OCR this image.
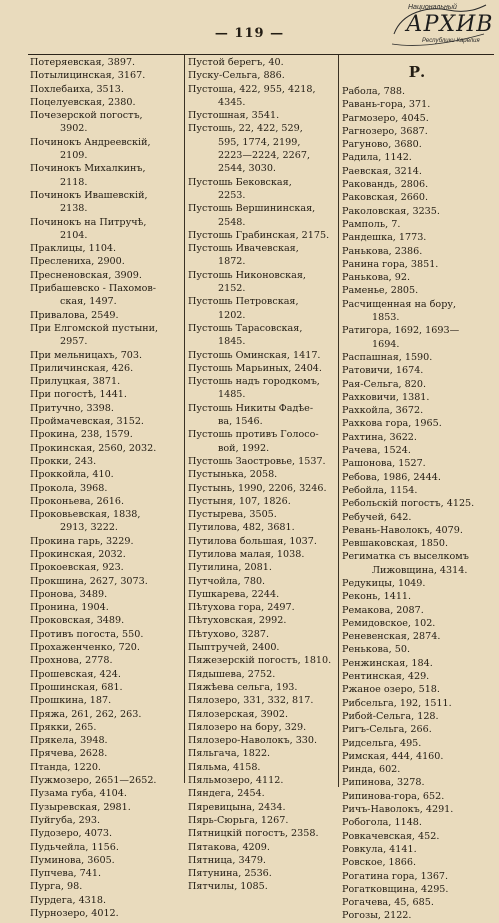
— 119 —
Национальный
АРХИВ
Республики Карелия
Потеряевская, 3897.
Потылицинская, 3167.
Похлебаиха, 3513.
Поцелуевская, 2380.
Почезерской погостъ,
3902.
Починокъ Андреевскій,
2109.
Починокъ Михалкинъ,
2118.
Починокъ Ивашевскій,
2138.
Починокъ на Питручѣ,
2104.
Праклицы, 1104.
Преслениха, 2900.
Пресненовская, 3909.
Прибашевско - Пахомов-
ская, 1497.
Привалова, 2549.
При Елгомской пустыни,
2957.
При мельницахъ, 703.
Приличинская, 426.
Прилуцкая, 3871.
При погостѣ, 1441.
Притучно, 3398.
Проймачевская, 3152.
Прокина, 238, 1579.
Прокинская, 2560, 2032.
Прокки, 243.
Проккойла, 410.
Прокола, 3968.
Проконьева, 2616.
Проковьевская, 1838,
2913, 3222.
Прокина гарь, 3229.
Прокинская, 2032.
Прокоевская, 923.
Прокшина, 2627, 3073.
Пронова, 3489.
Пронина, 1904.
Проковская, 3489.
Противъ погоста, 550.
Прохаженченко, 720.
Прохнова, 2778.
Прошевская, 424.
Прошинская, 681.
Прошкина, 187.
Пряжа, 261, 262, 263.
Прякки, 265.
Прякела, 3948.
Прячева, 2628.
Птанда, 1220.
Пужмозеро, 2651—2652.
Пузама губа, 4104.
Пузыревская, 2981.
Пуйгуба, 293.
Пудозеро, 4073.
Пудьчейла, 1156.
Пуминова, 3605.
Пупчева, 741.
Пурга, 98.
Пурдега, 4318.
Пурнозеро, 4012.
Пустой берегъ, 40.
Пуску-Сельга, 886.
Пустоша, 422, 955, 4218,
4345.
Пустошная, 3541.
Пустошь, 22, 422, 529,
595, 1774, 2199,
2223—2224, 2267,
2544, 3030.
Пустошь Бековская,
2253.
Пустошь Вершининская,
2548.
Пустошь Грабинская, 2175.
Пустошь Ивачевская,
1872.
Пустошь Никоновская,
2152.
Пустошь Петровская,
1202.
Пустошь Тарасовская,
1845.
Пустошь Оминская, 1417.
Пустошь Марьиных, 2404.
Пустошь надъ городкомъ,
1485.
Пустошь Никиты Фадѣе-
ва, 1546.
Пустошь противъ Голосо-
вой, 1992.
Пустошь Заостровье, 1537.
Пустынька, 2058.
Пустынь, 1990, 2206, 3246.
Пустыня, 107, 1826.
Пустырева, 3505.
Путилова, 482, 3681.
Путилова большая, 1037.
Путилова малая, 1038.
Путилина, 2081.
Путчойла, 780.
Пушкарева, 2244.
Пѣтухова гора, 2497.
Пѣтуховская, 2992.
Пѣтухово, 3287.
Пыптручей, 2400.
Пяжезерскій погостъ, 1810.
Пядышева, 2752.
Пяжѣева сельга, 193.
Пялозеро, 331, 332, 817.
Пялозерская, 3902.
Пялозеро на бору, 329.
Пялозеро-Наволокъ, 330.
Пяльгача, 1822.
Пяльма, 4158.
Пяльмозеро, 4112.
Пяндега, 2454.
Пяревицына, 2434.
Пярь-Сюрьга, 1267.
Пятницкій погостъ, 2358.
Пятакова, 4209.
Пятница, 3479.
Пятунина, 2536.
Пятчилы, 1085.
Р.
Рабола, 788.
Равань-гора, 371.
Рагмозеро, 4045.
Рагнозеро, 3687.
Рагуново, 3680.
Радила, 1142.
Раевская, 3214.
Раковандь, 2806.
Раковская, 2660.
Раколовская, 3235.
Рамполь, 7.
Рандешка, 1773.
Ранькова, 2386.
Ранина гора, 3851.
Ранькова, 92.
Раменье, 2805.
Расчищенная на бору,
1853.
Ратигора, 1692, 1693—
1694.
Распашная, 1590.
Ратовичи, 1674.
Рая-Сельга, 820.
Рахковичи, 1381.
Рахкойла, 3672.
Рахкова гора, 1965.
Рахтина, 3622.
Рачева, 1524.
Рашонова, 1527.
Ребова, 1986, 2444.
Ребойла, 1154.
Ребольскій погостъ, 4125.
Ребучей, 642.
Ревань-Наволокъ, 4079.
Ревшаковская, 1850.
Региматка съ выселкомъ
Лижовщина, 4314.
Редукицы, 1049.
Реконь, 1411.
Ремакова, 2087.
Ремидовское, 102.
Реневенская, 2874.
Ренькова, 50.
Ренжинская, 184.
Рентинская, 429.
Ржаное озеро, 518.
Рибсельга, 192, 1511.
Рибой-Сельга, 128.
Ригъ-Сельга, 266.
Ридсельга, 495.
Римская, 444, 4160.
Ринда, 602.
Рипинова, 3278.
Рипинова-гора, 652.
Ричъ-Наволокъ, 4291.
Робогола, 1148.
Ровкачевская, 452.
Ровкула, 4141.
Ровское, 1866.
Рогатина гора, 1367.
Рогатковщина, 4295.
Рогачева, 45, 685.
Рогозы, 2122.
